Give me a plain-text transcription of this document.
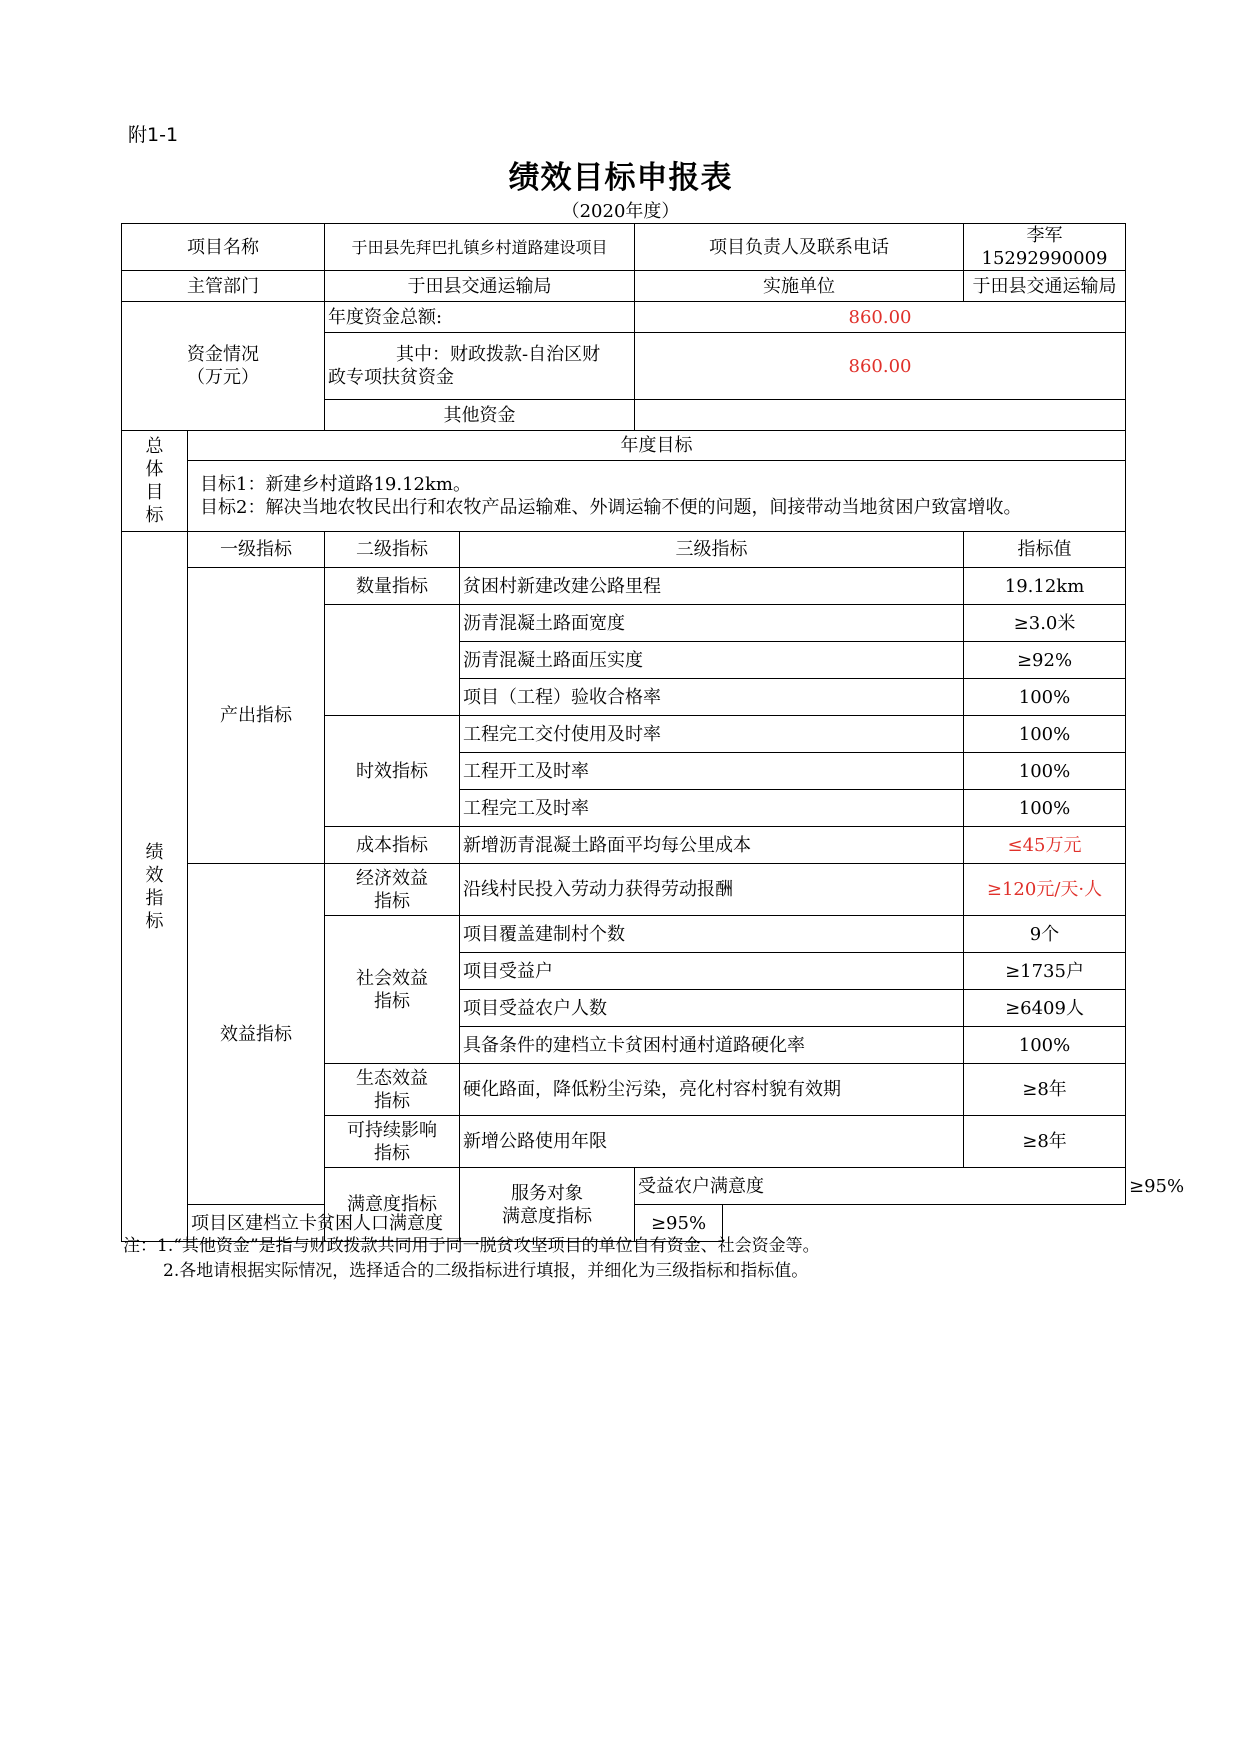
附1-1
绩效目标申报表
（2020年度）
项目名称		于田县先拜巴扎镇乡村道路建设项目		项目负责人及联系电话	李军 15292990009	
主管部门		于田县交通运输局		实施单位	于田县交通运输局	

资金情况
（万元）		年度资金总额:		860.00		

		其中：财政拨款-自治区财
政专项扶贫资金		860.00		
		其他资金				

总
体
目
标	年度目标					

	目标1：新建乡村道路19.12km。
目标2：解决当地农牧民出行和农牧产品运输难、外调运输不便的问题，间接带动当地贫困户致富增收。					

绩
效
指
标	一级指标	二级指标	三级指标		指标值	
	产出指标	数量指标	贫困村新建改建公路里程		19.12km	
			沥青混凝土路面宽度		≥3.0米	
			沥青混凝土路面压实度		≥92%	
			项目（工程）验收合格率		100%	
		时效指标	工程完工交付使用及时率		100%	
			工程开工及时率		100%	
			工程完工及时率		100%	
		成本指标	新增沥青混凝土路面平均每公里成本		≤45万元	
	效益指标	经济效益
指标	沿线村民投入劳动力获得劳动报酬		≥120元/天·人	

		社会效益
指标	项目覆盖建制村个数		9个	
			项目受益户		≥1735户	
			项目受益农户人数		≥6409人	
			具备条件的建档立卡贫困村通村道路硬化率		100%	

		生态效益
指标	硬化路面，降低粉尘污染，亮化村容村貌有效期		≥8年	

		可持续影响
指标	新增公路使用年限		≥8年	
		满意度指标	服务对象
满意度指标	受益农户满意度		≥95%
	项目区建档立卡贫困人口满意度			≥95%		
注：1.“其他资金”是指与财政拨款共同用于同一脱贫攻坚项目的单位自有资金、社会资金等。
2.各地请根据实际情况，选择适合的二级指标进行填报，并细化为三级指标和指标值。
